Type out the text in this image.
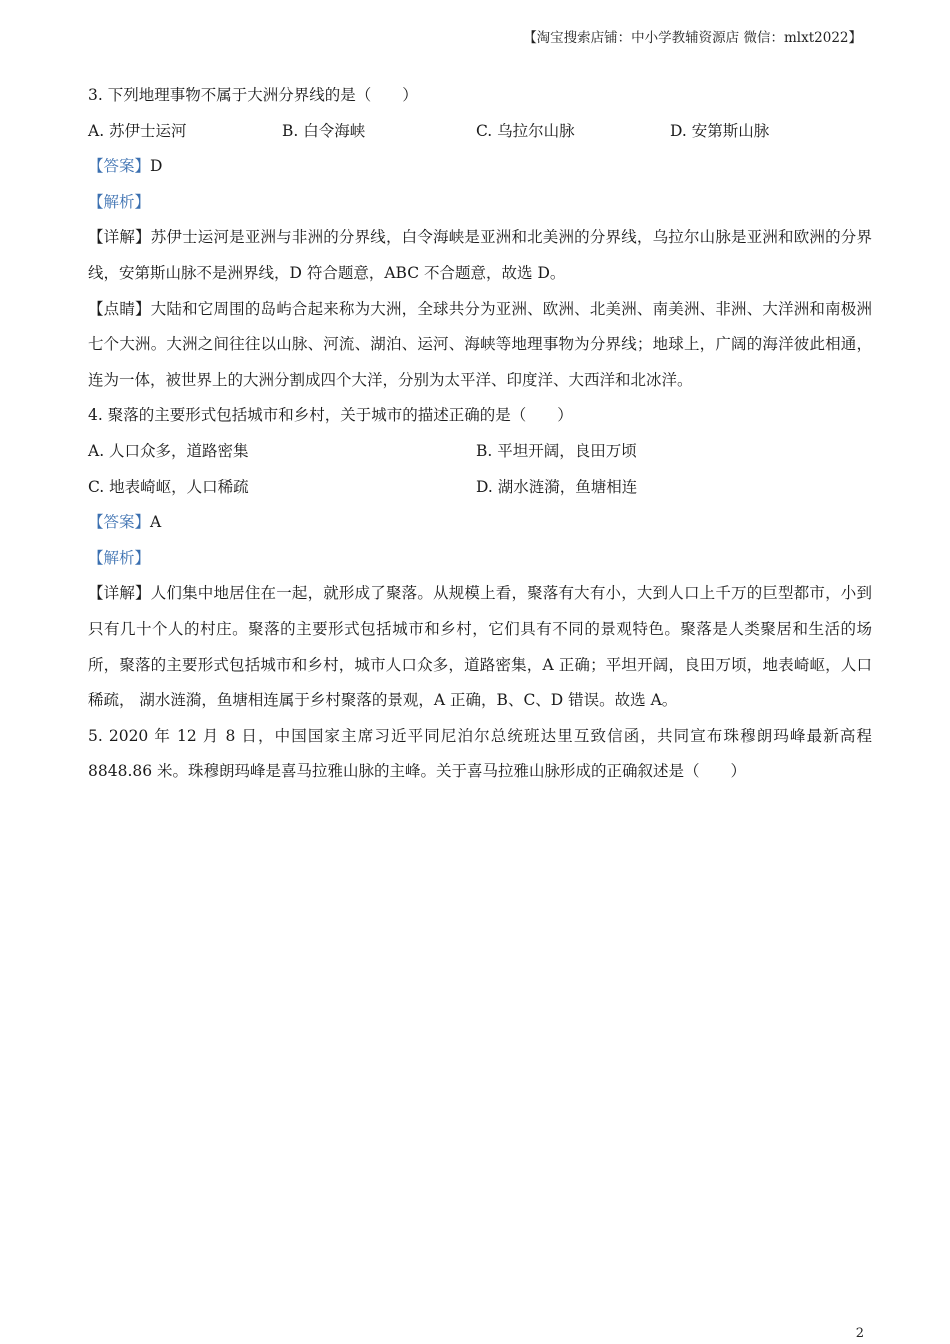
【淘宝搜索店铺：中小学教辅资源店 微信：mlxt2022】
3. 下列地理事物不属于大洲分界线的是（　　）
A. 苏伊士运河	B. 白令海峡	C. 乌拉尔山脉	D. 安第斯山脉
【答案】D
【解析】
【详解】苏伊士运河是亚洲与非洲的分界线，白令海峡是亚洲和北美洲的分界线，乌拉尔山脉是亚洲和欧洲的分界线，安第斯山脉不是洲界线，D 符合题意，ABC 不合题意，故选 D。
【点睛】大陆和它周围的岛屿合起来称为大洲，全球共分为亚洲、欧洲、北美洲、南美洲、非洲、大洋洲和南极洲七个大洲。大洲之间往往以山脉、河流、湖泊、运河、海峡等地理事物为分界线；地球上，广阔的海洋彼此相通，连为一体，被世界上的大洲分割成四个大洋，分别为太平洋、印度洋、大西洋和北冰洋。
4. 聚落的主要形式包括城市和乡村，关于城市的描述正确的是（　　）
A. 人口众多，道路密集	B. 平坦开阔，良田万顷
C. 地表崎岖，人口稀疏	D. 湖水涟漪，鱼塘相连
【答案】A
【解析】
【详解】人们集中地居住在一起，就形成了聚落。从规模上看，聚落有大有小，大到人口上千万的巨型都市，小到只有几十个人的村庄。聚落的主要形式包括城市和乡村，它们具有不同的景观特色。聚落是人类聚居和生活的场所，聚落的主要形式包括城市和乡村，城市人口众多，道路密集，A 正确；平坦开阔，良田万顷，地表崎岖，人口稀疏， 湖水涟漪，鱼塘相连属于乡村聚落的景观，A 正确，B、C、D 错误。故选 A。
5. 2020 年 12 月 8 日，中国国家主席习近平同尼泊尔总统班达里互致信函，共同宣布珠穆朗玛峰最新高程 8848.86 米。珠穆朗玛峰是喜马拉雅山脉的主峰。关于喜马拉雅山脉形成的正确叙述是（　　）
2
